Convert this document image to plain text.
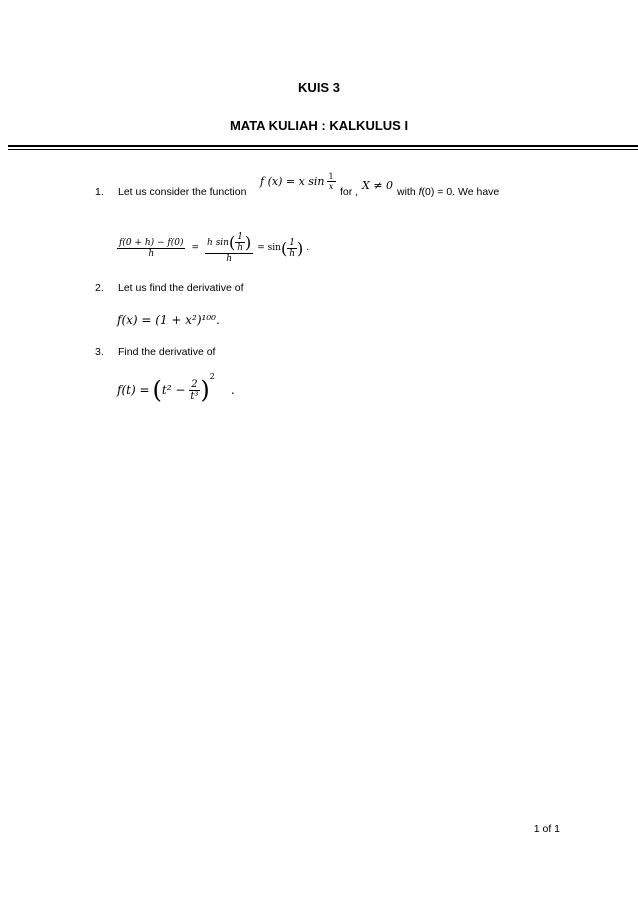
KUIS 3
MATA KULIAH : KALKULUS I
1. Let us consider the function
f (x) = x $\sin \frac{1}{x}$
for , X ≠ 0 with f(0) = 0. We have
$\frac{f(0 + h) - f(0)}{h} = \frac{h \sin ( \frac{1}{h} )}{h} = \sin$ ( $\frac{1}{h}$ ) .
2. Let us find the derivative of
f(x) = (1 + x²)¹⁰⁰.
3. Find the derivative of
f(t) = ( $t^2 - \frac{2}{\text{t³}}$ ) 2
.
1 of 1
